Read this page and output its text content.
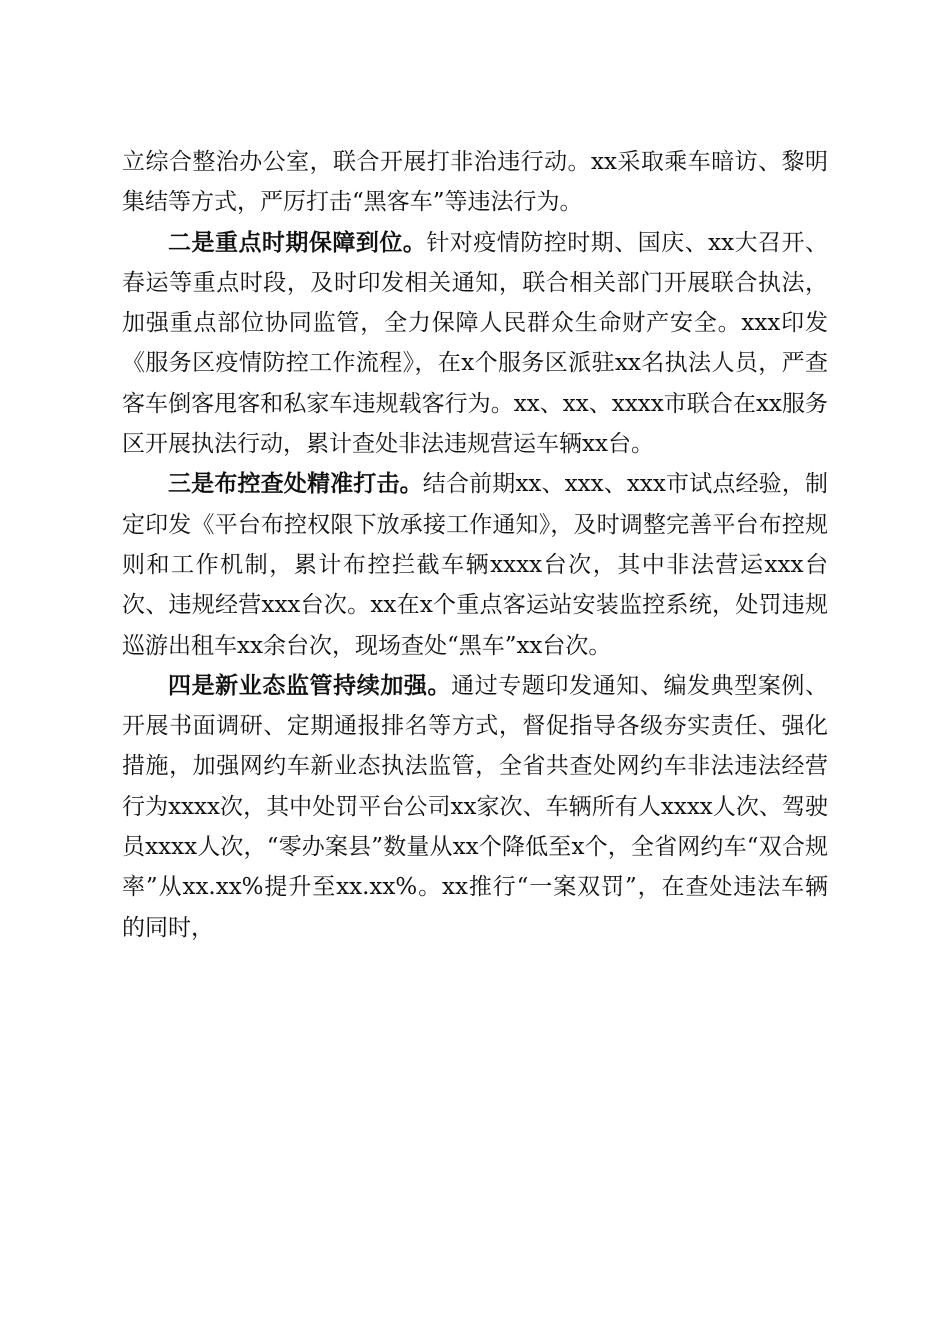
立综合整治办公室，联合开展打非治违行动。xx采取乘车暗访、黎明集结等方式，严厉打击“黑客车”等违法行为。

二是重点时期保障到位。针对疫情防控时期、国庆、xx大召开、春运等重点时段，及时印发相关通知，联合相关部门开展联合执法，加强重点部位协同监管，全力保障人民群众生命财产安全。xxx印发《服务区疫情防控工作流程》，在x个服务区派驻xx名执法人员，严查客车倒客甩客和私家车违规载客行为。xx、xx、xxxx市联合在xx服务区开展执法行动，累计查处非法违规营运车辆xx台。

三是布控查处精准打击。结合前期xx、xxx、xxx市试点经验，制定印发《平台布控权限下放承接工作通知》，及时调整完善平台布控规则和工作机制，累计布控拦截车辆xxxx台次，其中非法营运xxx台次、违规经营xxx台次。xx在x个重点客运站安装监控系统，处罚违规巡游出租车xx余台次，现场查处“黑车”xx台次。

四是新业态监管持续加强。通过专题印发通知、编发典型案例、开展书面调研、定期通报排名等方式，督促指导各级夯实责任、强化措施，加强网约车新业态执法监管，全省共查处网约车非法违法经营行为xxxx次，其中处罚平台公司xx家次、车辆所有人xxxx人次、驾驶员xxxx人次，“零办案县”数量从xx个降低至x个，全省网约车“双合规率”从xx.xx%提升至xx.xx%。xx推行“一案双罚”，在查处违法车辆的同时，
